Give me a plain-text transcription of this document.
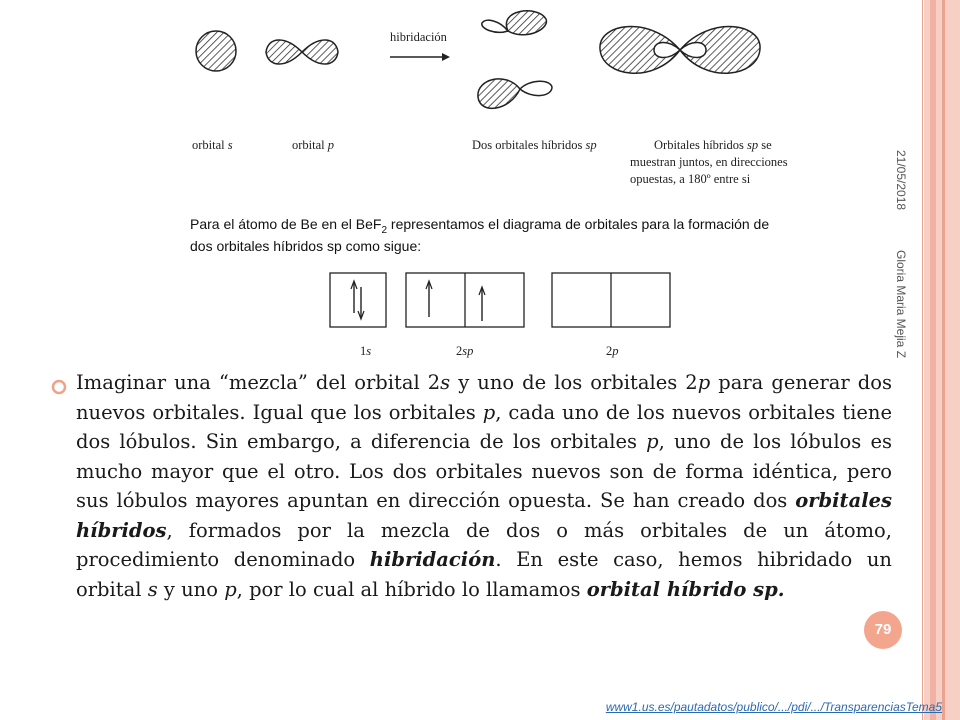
21/05/2018
Gloria Maria Mejia Z
hibridación
orbital s	orbital p	Dos orbitales híbridos sp	Orbitales híbridos sp se
muestran juntos, en direcciones
opuestas, a 180º entre si
Para el átomo de Be en el BeF$_2$ representamos el diagrama de orbitales para la formación de
dos orbitales híbridos sp como sigue:
1s	2sp	2p

Imaginar una “mezcla” del orbital 2s y uno de los orbitales 2p para generar dos nuevos orbitales. Igual que los orbitales p, cada uno de los nuevos orbitales tiene dos lóbulos. Sin embargo, a diferencia de los orbitales p, uno de los lóbulos es mucho mayor que el otro. Los dos orbitales nuevos son de forma idéntica, pero sus lóbulos mayores apuntan en dirección opuesta. Se han creado dos orbitales híbridos, formados por la mezcla de dos o más orbitales de un átomo, procedimiento denominado hibridación. En este caso, hemos hibridado un orbital s y uno p, por lo cual al híbrido lo llamamos orbital híbrido sp.

79
www1.us.es/pautadatos/publico/.../pdi/.../TransparenciasTema5
